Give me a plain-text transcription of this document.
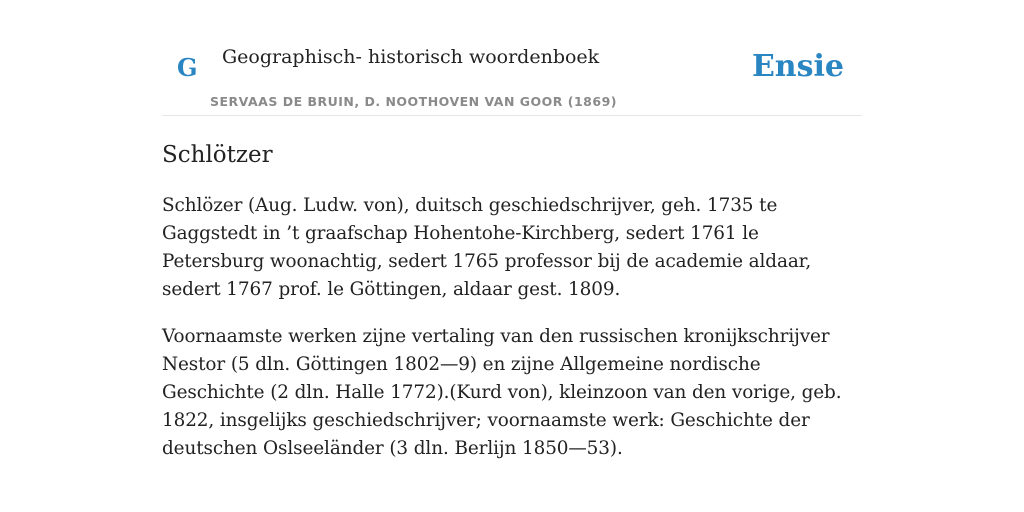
G Geographisch- historisch woordenboek
SERVAAS DE BRUIN, D. NOOTHOVEN VAN GOOR (1869)
Ensie
Schlötzer

Schlözer (Aug. Ludw. von), duitsch geschiedschrijver, geh. 1735 te Gaggstedt in ’t graafschap Hohentohe-Kirchberg, sedert 1761 le Petersburg woonachtig, sedert 1765 professor bij de academie aldaar, sedert 1767 prof. le Göttingen, aldaar gest. 1809.

Voornaamste werken zijne vertaling van den russischen kronijkschrijver Nestor (5 dln. Göttingen 1802—9) en zijne Allgemeine nordische Geschichte (2 dln. Halle 1772).(Kurd von), kleinzoon van den vorige, geb. 1822, insgelijks geschiedschrijver; voornaamste werk: Geschichte der deutschen Oslseeländer (3 dln. Berlijn 1850—53).
